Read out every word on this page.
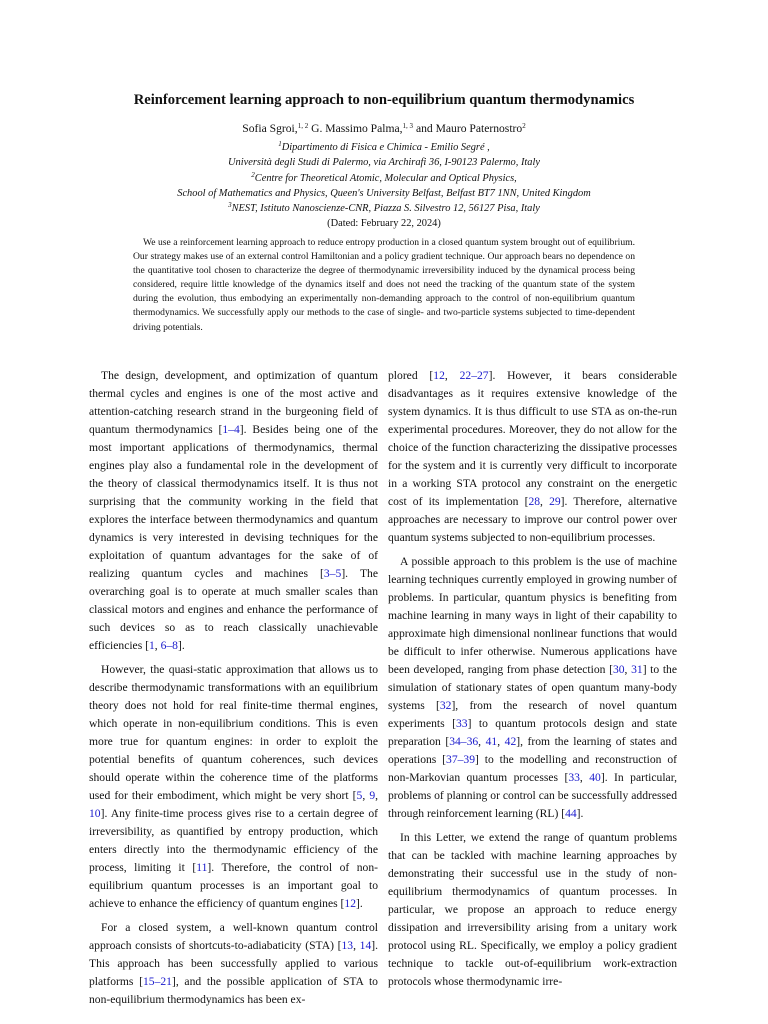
Reinforcement learning approach to non-equilibrium quantum thermodynamics
Sofia Sgroi,$^{1, 2}$ G. Massimo Palma,$^{1, 3}$ and Mauro Paternostro$^2$
$^1$Dipartimento di Fisica e Chimica - Emilio Segré ,
Università degli Studi di Palermo, via Archirafi 36, I-90123 Palermo, Italy
$^2$Centre for Theoretical Atomic, Molecular and Optical Physics,
School of Mathematics and Physics, Queen's University Belfast, Belfast BT7 1NN, United Kingdom
$^3$NEST, Istituto Nanoscienze-CNR, Piazza S. Silvestro 12, 56127 Pisa, Italy
(Dated: February 22, 2024)

We use a reinforcement learning approach to reduce entropy production in a closed quantum system brought out of equilibrium. Our strategy makes use of an external control Hamiltonian and a policy gradient technique. Our approach bears no dependence on the quantitative tool chosen to characterize the degree of thermodynamic irreversibility induced by the dynamical process being considered, require little knowledge of the dynamics itself and does not need the tracking of the quantum state of the system during the evolution, thus embodying an experimentally non-demanding approach to the control of non-equilibrium quantum thermodynamics. We successfully apply our methods to the case of single- and two-particle systems subjected to time-dependent driving potentials.

The design, development, and optimization of quantum thermal cycles and engines is one of the most active and attention-catching research strand in the burgeoning field of quantum thermodynamics [1–4]. Besides being one of the most important applications of thermodynamics, thermal engines play also a fundamental role in the development of the theory of classical thermodynamics itself. It is thus not surprising that the community working in the field that explores the interface between thermodynamics and quantum dynamics is very interested in devising techniques for the exploitation of quantum advantages for the sake of of realizing quantum cycles and machines [3–5]. The overarching goal is to operate at much smaller scales than classical motors and engines and enhance the performance of such devices so as to reach classically unachievable efficiencies [1, 6–8].

However, the quasi-static approximation that allows us to describe thermodynamic transformations with an equilibrium theory does not hold for real finite-time thermal engines, which operate in non-equilibrium conditions. This is even more true for quantum engines: in order to exploit the potential benefits of quantum coherences, such devices should operate within the coherence time of the platforms used for their embodiment, which might be very short [5, 9, 10]. Any finite-time process gives rise to a certain degree of irreversibility, as quantified by entropy production, which enters directly into the thermodynamic efficiency of the process, limiting it [11]. Therefore, the control of non-equilibrium quantum processes is an important goal to achieve to enhance the efficiency of quantum engines [12].

For a closed system, a well-known quantum control approach consists of shortcuts-to-adiabaticity (STA) [13, 14]. This approach has been successfully applied to various platforms [15–21], and the possible application of STA to non-equilibrium thermodynamics has been ex-

plored [12, 22–27]. However, it bears considerable disadvantages as it requires extensive knowledge of the system dynamics. It is thus difficult to use STA as on-the-run experimental procedures. Moreover, they do not allow for the choice of the function characterizing the dissipative processes for the system and it is currently very difficult to incorporate in a working STA protocol any constraint on the energetic cost of its implementation [28, 29]. Therefore, alternative approaches are necessary to improve our control power over quantum systems subjected to non-equilibrium processes.

A possible approach to this problem is the use of machine learning techniques currently employed in growing number of problems. In particular, quantum physics is benefiting from machine learning in many ways in light of their capability to approximate high dimensional nonlinear functions that would be difficult to infer otherwise. Numerous applications have been developed, ranging from phase detection [30, 31] to the simulation of stationary states of open quantum many-body systems [32], from the research of novel quantum experiments [33] to quantum protocols design and state preparation [34–36, 41, 42], from the learning of states and operations [37–39] to the modelling and reconstruction of non-Markovian quantum processes [33, 40]. In particular, problems of planning or control can be successfully addressed through reinforcement learning (RL) [44].

In this Letter, we extend the range of quantum problems that can be tackled with machine learning approaches by demonstrating their successful use in the study of non-equilibrium thermodynamics of quantum processes. In particular, we propose an approach to reduce energy dissipation and irreversibility arising from a unitary work protocol using RL. Specifically, we employ a policy gradient technique to tackle out-of-equilibrium work-extraction protocols whose thermodynamic irre-
